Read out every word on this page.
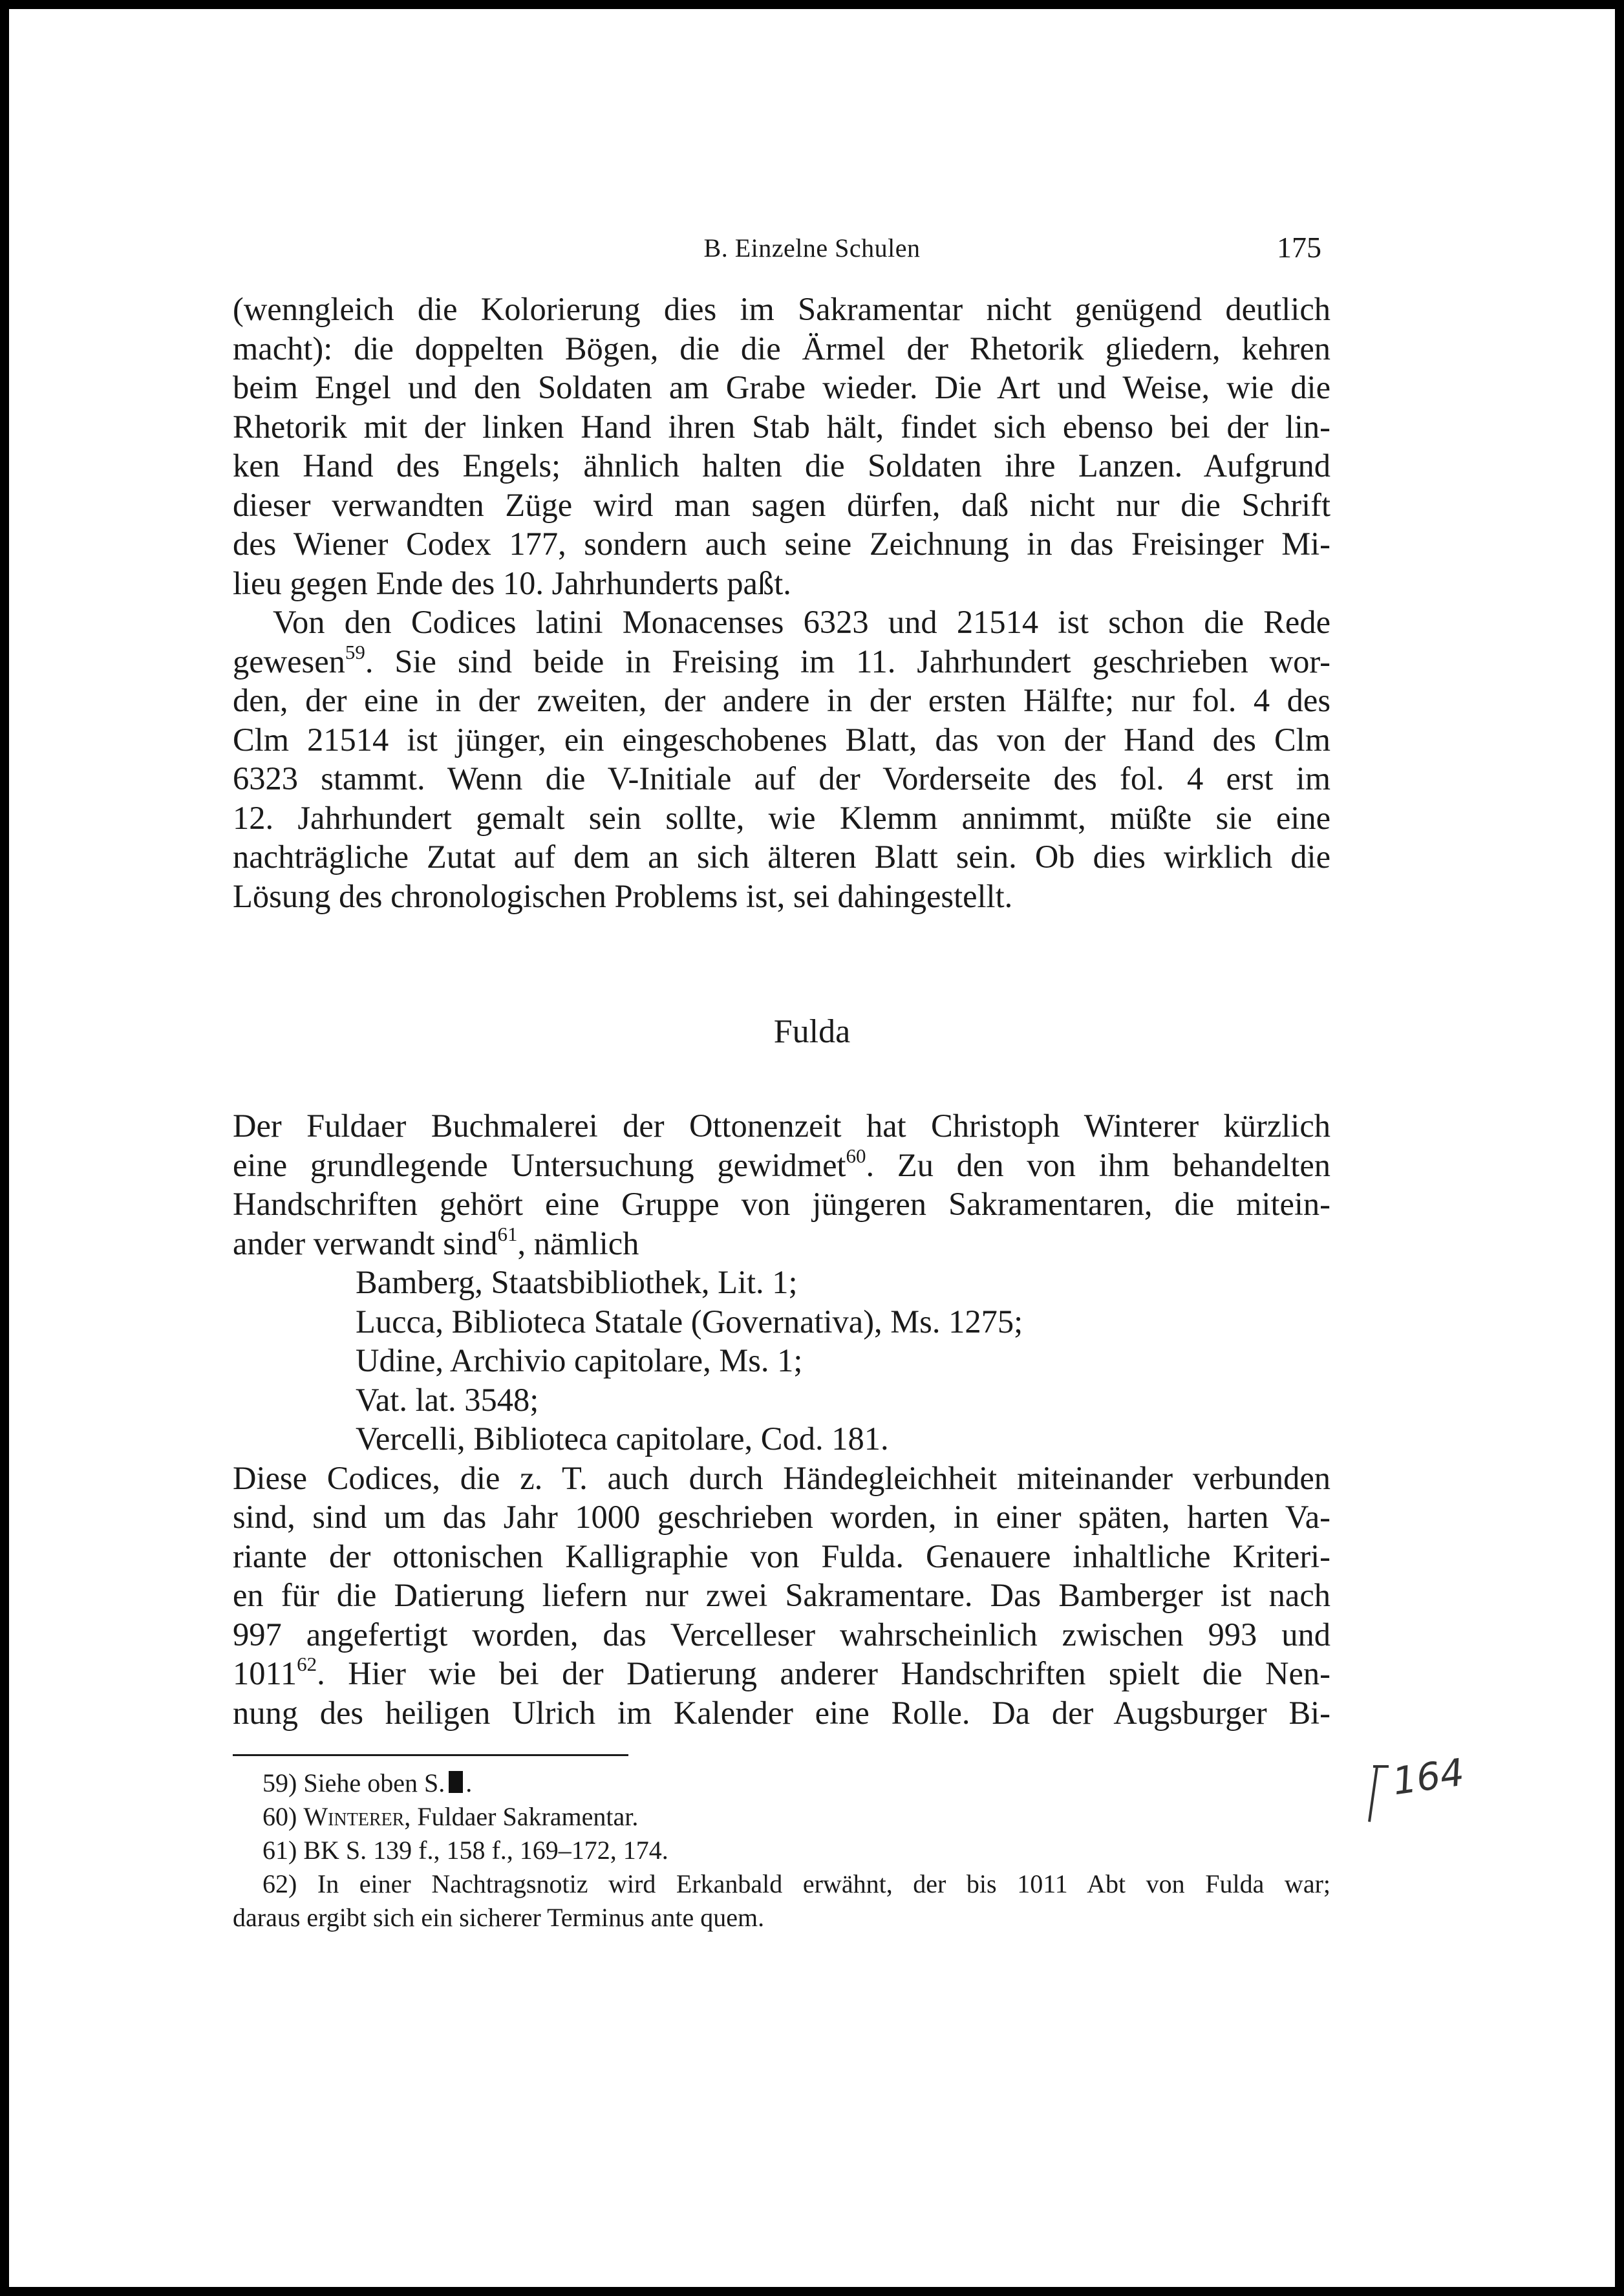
B. Einzelne Schulen	175
(wenngleich die Kolorierung dies im Sakramentar nicht genügend deutlich
macht): die doppelten Bögen, die die Ärmel der Rhetorik gliedern, kehren
beim Engel und den Soldaten am Grabe wieder. Die Art und Weise, wie die
Rhetorik mit der linken Hand ihren Stab hält, findet sich ebenso bei der lin-
ken Hand des Engels; ähnlich halten die Soldaten ihre Lanzen. Aufgrund
dieser verwandten Züge wird man sagen dürfen, daß nicht nur die Schrift
des Wiener Codex 177, sondern auch seine Zeichnung in das Freisinger Mi-
lieu gegen Ende des 10. Jahrhunderts paßt.
Von den Codices latini Monacenses 6323 und 21514 ist schon die Rede
gewesen$^{59}$. Sie sind beide in Freising im 11. Jahrhundert geschrieben wor-
den, der eine in der zweiten, der andere in der ersten Hälfte; nur fol. 4 des
Clm 21514 ist jünger, ein eingeschobenes Blatt, das von der Hand des Clm
6323 stammt. Wenn die V-Initiale auf der Vorderseite des fol. 4 erst im
12. Jahrhundert gemalt sein sollte, wie Klemm annimmt, müßte sie eine
nachträgliche Zutat auf dem an sich älteren Blatt sein. Ob dies wirklich die
Lösung des chronologischen Problems ist, sei dahingestellt.
Fulda
Der Fuldaer Buchmalerei der Ottonenzeit hat Christoph Winterer kürzlich
eine grundlegende Untersuchung gewidmet$^{60}$. Zu den von ihm behandelten
Handschriften gehört eine Gruppe von jüngeren Sakramentaren, die mitein-
ander verwandt sind$^{61}$, nämlich
Bamberg, Staatsbibliothek, Lit. 1;
Lucca, Biblioteca Statale (Governativa), Ms. 1275;
Udine, Archivio capitolare, Ms. 1;
Vat. lat. 3548;
Vercelli, Biblioteca capitolare, Cod. 181.
Diese Codices, die z. T. auch durch Händegleichheit miteinander verbunden
sind, sind um das Jahr 1000 geschrieben worden, in einer späten, harten Va-
riante der ottonischen Kalligraphie von Fulda. Genauere inhaltliche Kriteri-
en für die Datierung liefern nur zwei Sakramentare. Das Bamberger ist nach
997 angefertigt worden, das Vercelleser wahrscheinlich zwischen 993 und
1011$^{62}$. Hier wie bei der Datierung anderer Handschriften spielt die Nen-
nung des heiligen Ulrich im Kalender eine Rolle. Da der Augsburger Bi-
59) Siehe oben S. .
60) Winterer, Fuldaer Sakramentar.
61) BK S. 139 f., 158 f., 169–172, 174.
62) In einer Nachtragsnotiz wird Erkanbald erwähnt, der bis 1011 Abt von Fulda war;
daraus ergibt sich ein sicherer Terminus ante quem.
164
